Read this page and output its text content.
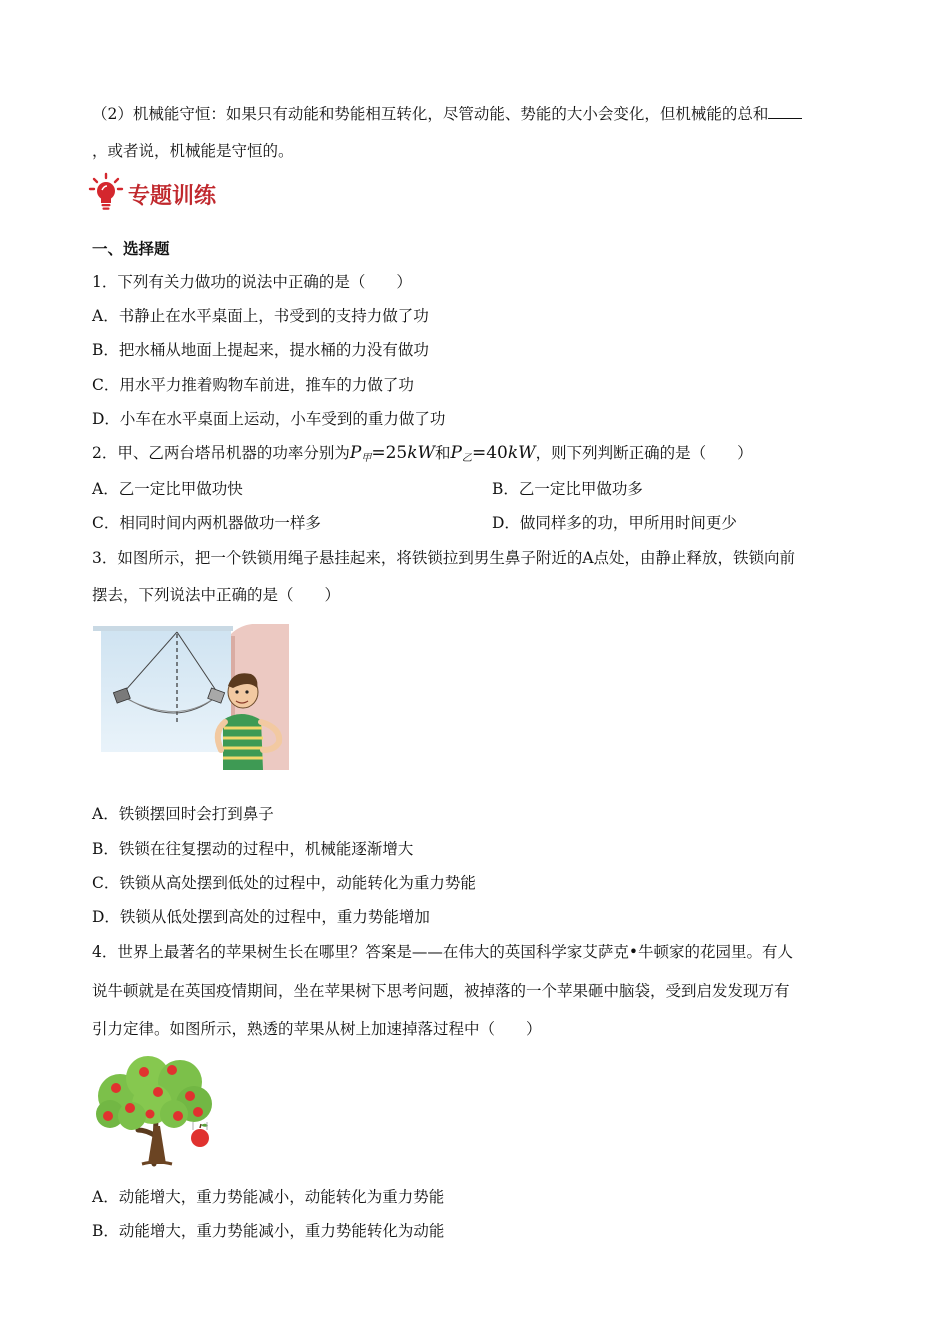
（2）机械能守恒：如果只有动能和势能相互转化，尽管动能、势能的大小会变化，但机械能的总和
，或者说，机械能是守恒的。
专题训练
一、选择题
1．下列有关力做功的说法中正确的是（　　）
A．书静止在水平桌面上，书受到的支持力做了功
B．把水桶从地面上提起来，提水桶的力没有做功
C．用水平力推着购物车前进，推车的力做了功
D．小车在水平桌面上运动，小车受到的重力做了功
2．甲、乙两台塔吊机器的功率分别为$P_甲=25kW$和$P_乙=40kW$，则下列判断正确的是（　　）
A．乙一定比甲做功快	B．乙一定比甲做功多
C．相同时间内两机器做功一样多	D．做同样多的功，甲所用时间更少
3．如图所示，把一个铁锁用绳子悬挂起来，将铁锁拉到男生鼻子附近的A点处，由静止释放，铁锁向前
摆去，下列说法中正确的是（　　）
A．铁锁摆回时会打到鼻子
B．铁锁在往复摆动的过程中，机械能逐渐增大
C．铁锁从高处摆到低处的过程中，动能转化为重力势能
D．铁锁从低处摆到高处的过程中，重力势能增加
4．世界上最著名的苹果树生长在哪里？答案是——在伟大的英国科学家艾萨克•牛顿家的花园里。有人
说牛顿就是在英国疫情期间，坐在苹果树下思考问题，被掉落的一个苹果砸中脑袋，受到启发发现万有
引力定律。如图所示，熟透的苹果从树上加速掉落过程中（　　）
A．动能增大，重力势能减小，动能转化为重力势能
B．动能增大，重力势能减小，重力势能转化为动能
